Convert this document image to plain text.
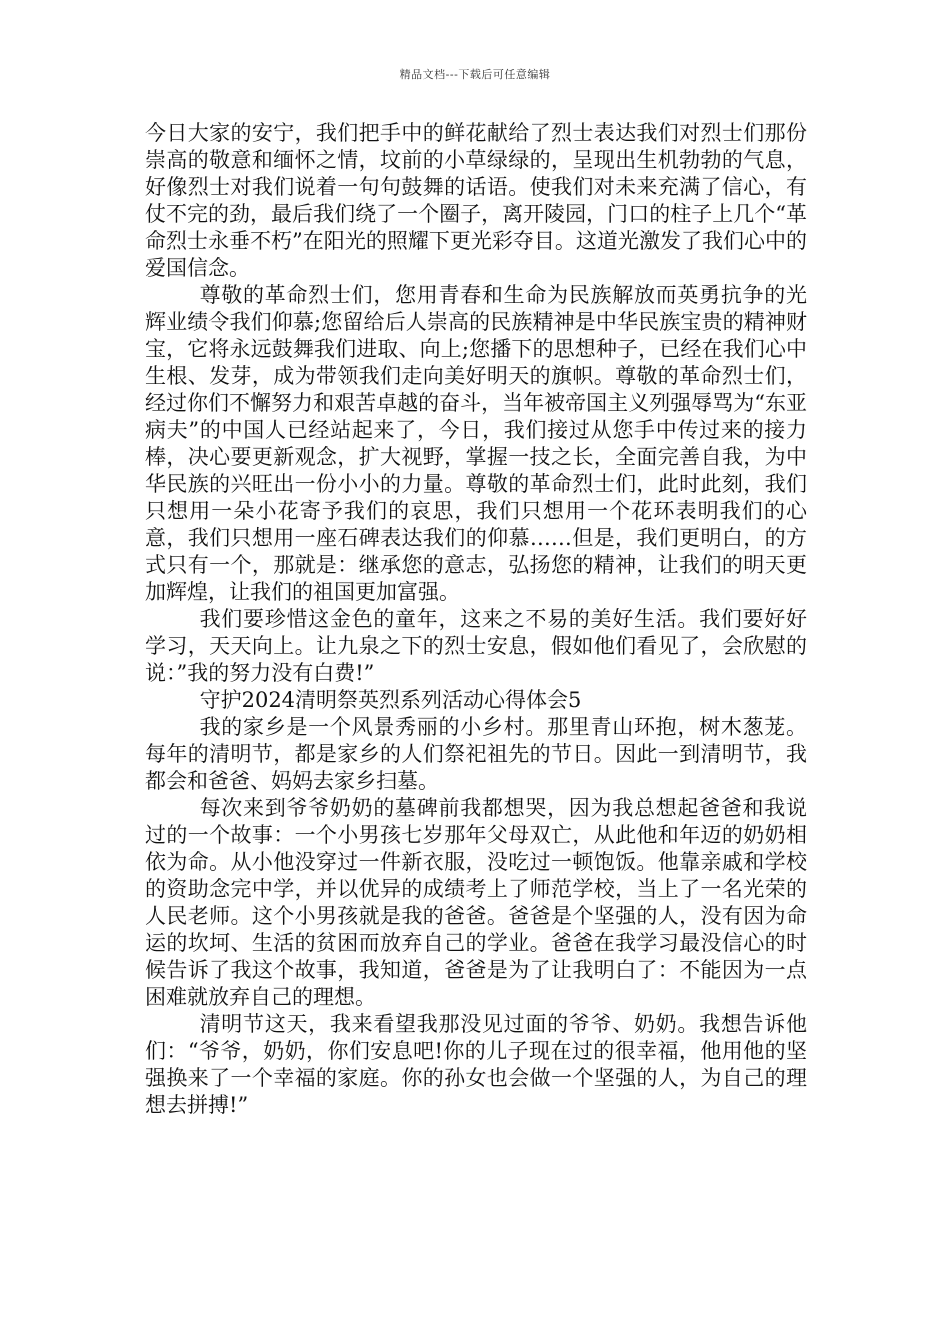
精品文档---下载后可任意编辑

今日大家的安宁，我们把手中的鲜花献给了烈士表达我们对烈士们那份崇高的敬意和缅怀之情，坟前的小草绿绿的，呈现出生机勃勃的气息，好像烈士对我们说着一句句鼓舞的话语。使我们对未来充满了信心，有仗不完的劲，最后我们绕了一个圈子，离开陵园，门口的柱子上几个“革命烈士永垂不朽”在阳光的照耀下更光彩夺目。这道光激发了我们心中的爱国信念。

尊敬的革命烈士们，您用青春和生命为民族解放而英勇抗争的光辉业绩令我们仰慕;您留给后人崇高的民族精神是中华民族宝贵的精神财宝，它将永远鼓舞我们进取、向上;您播下的思想种子，已经在我们心中生根、发芽，成为带领我们走向美好明天的旗帜。尊敬的革命烈士们，经过你们不懈努力和艰苦卓越的奋斗，当年被帝国主义列强辱骂为“东亚病夫”的中国人已经站起来了，今日，我们接过从您手中传过来的接力棒，决心要更新观念，扩大视野，掌握一技之长，全面完善自我，为中华民族的兴旺出一份小小的力量。尊敬的革命烈士们，此时此刻，我们只想用一朵小花寄予我们的哀思，我们只想用一个花环表明我们的心意，我们只想用一座石碑表达我们的仰慕……但是，我们更明白，的方式只有一个，那就是：继承您的意志，弘扬您的精神，让我们的明天更加辉煌，让我们的祖国更加富强。

我们要珍惜这金色的童年，这来之不易的美好生活。我们要好好学习，天天向上。让九泉之下的烈士安息，假如他们看见了，会欣慰的说：”我的努力没有白费!”

守护2024清明祭英烈系列活动心得体会5

我的家乡是一个风景秀丽的小乡村。那里青山环抱，树木葱茏。每年的清明节，都是家乡的人们祭祀祖先的节日。因此一到清明节，我都会和爸爸、妈妈去家乡扫墓。

每次来到爷爷奶奶的墓碑前我都想哭，因为我总想起爸爸和我说过的一个故事：一个小男孩七岁那年父母双亡，从此他和年迈的奶奶相依为命。从小他没穿过一件新衣服，没吃过一顿饱饭。他靠亲戚和学校的资助念完中学，并以优异的成绩考上了师范学校，当上了一名光荣的人民老师。这个小男孩就是我的爸爸。爸爸是个坚强的人，没有因为命运的坎坷、生活的贫困而放弃自己的学业。爸爸在我学习最没信心的时候告诉了我这个故事，我知道，爸爸是为了让我明白了：不能因为一点困难就放弃自己的理想。

清明节这天，我来看望我那没见过面的爷爷、奶奶。我想告诉他们：“爷爷，奶奶，你们安息吧!你的儿子现在过的很幸福，他用他的坚强换来了一个幸福的家庭。你的孙女也会做一个坚强的人，为自己的理想去拼搏!”
